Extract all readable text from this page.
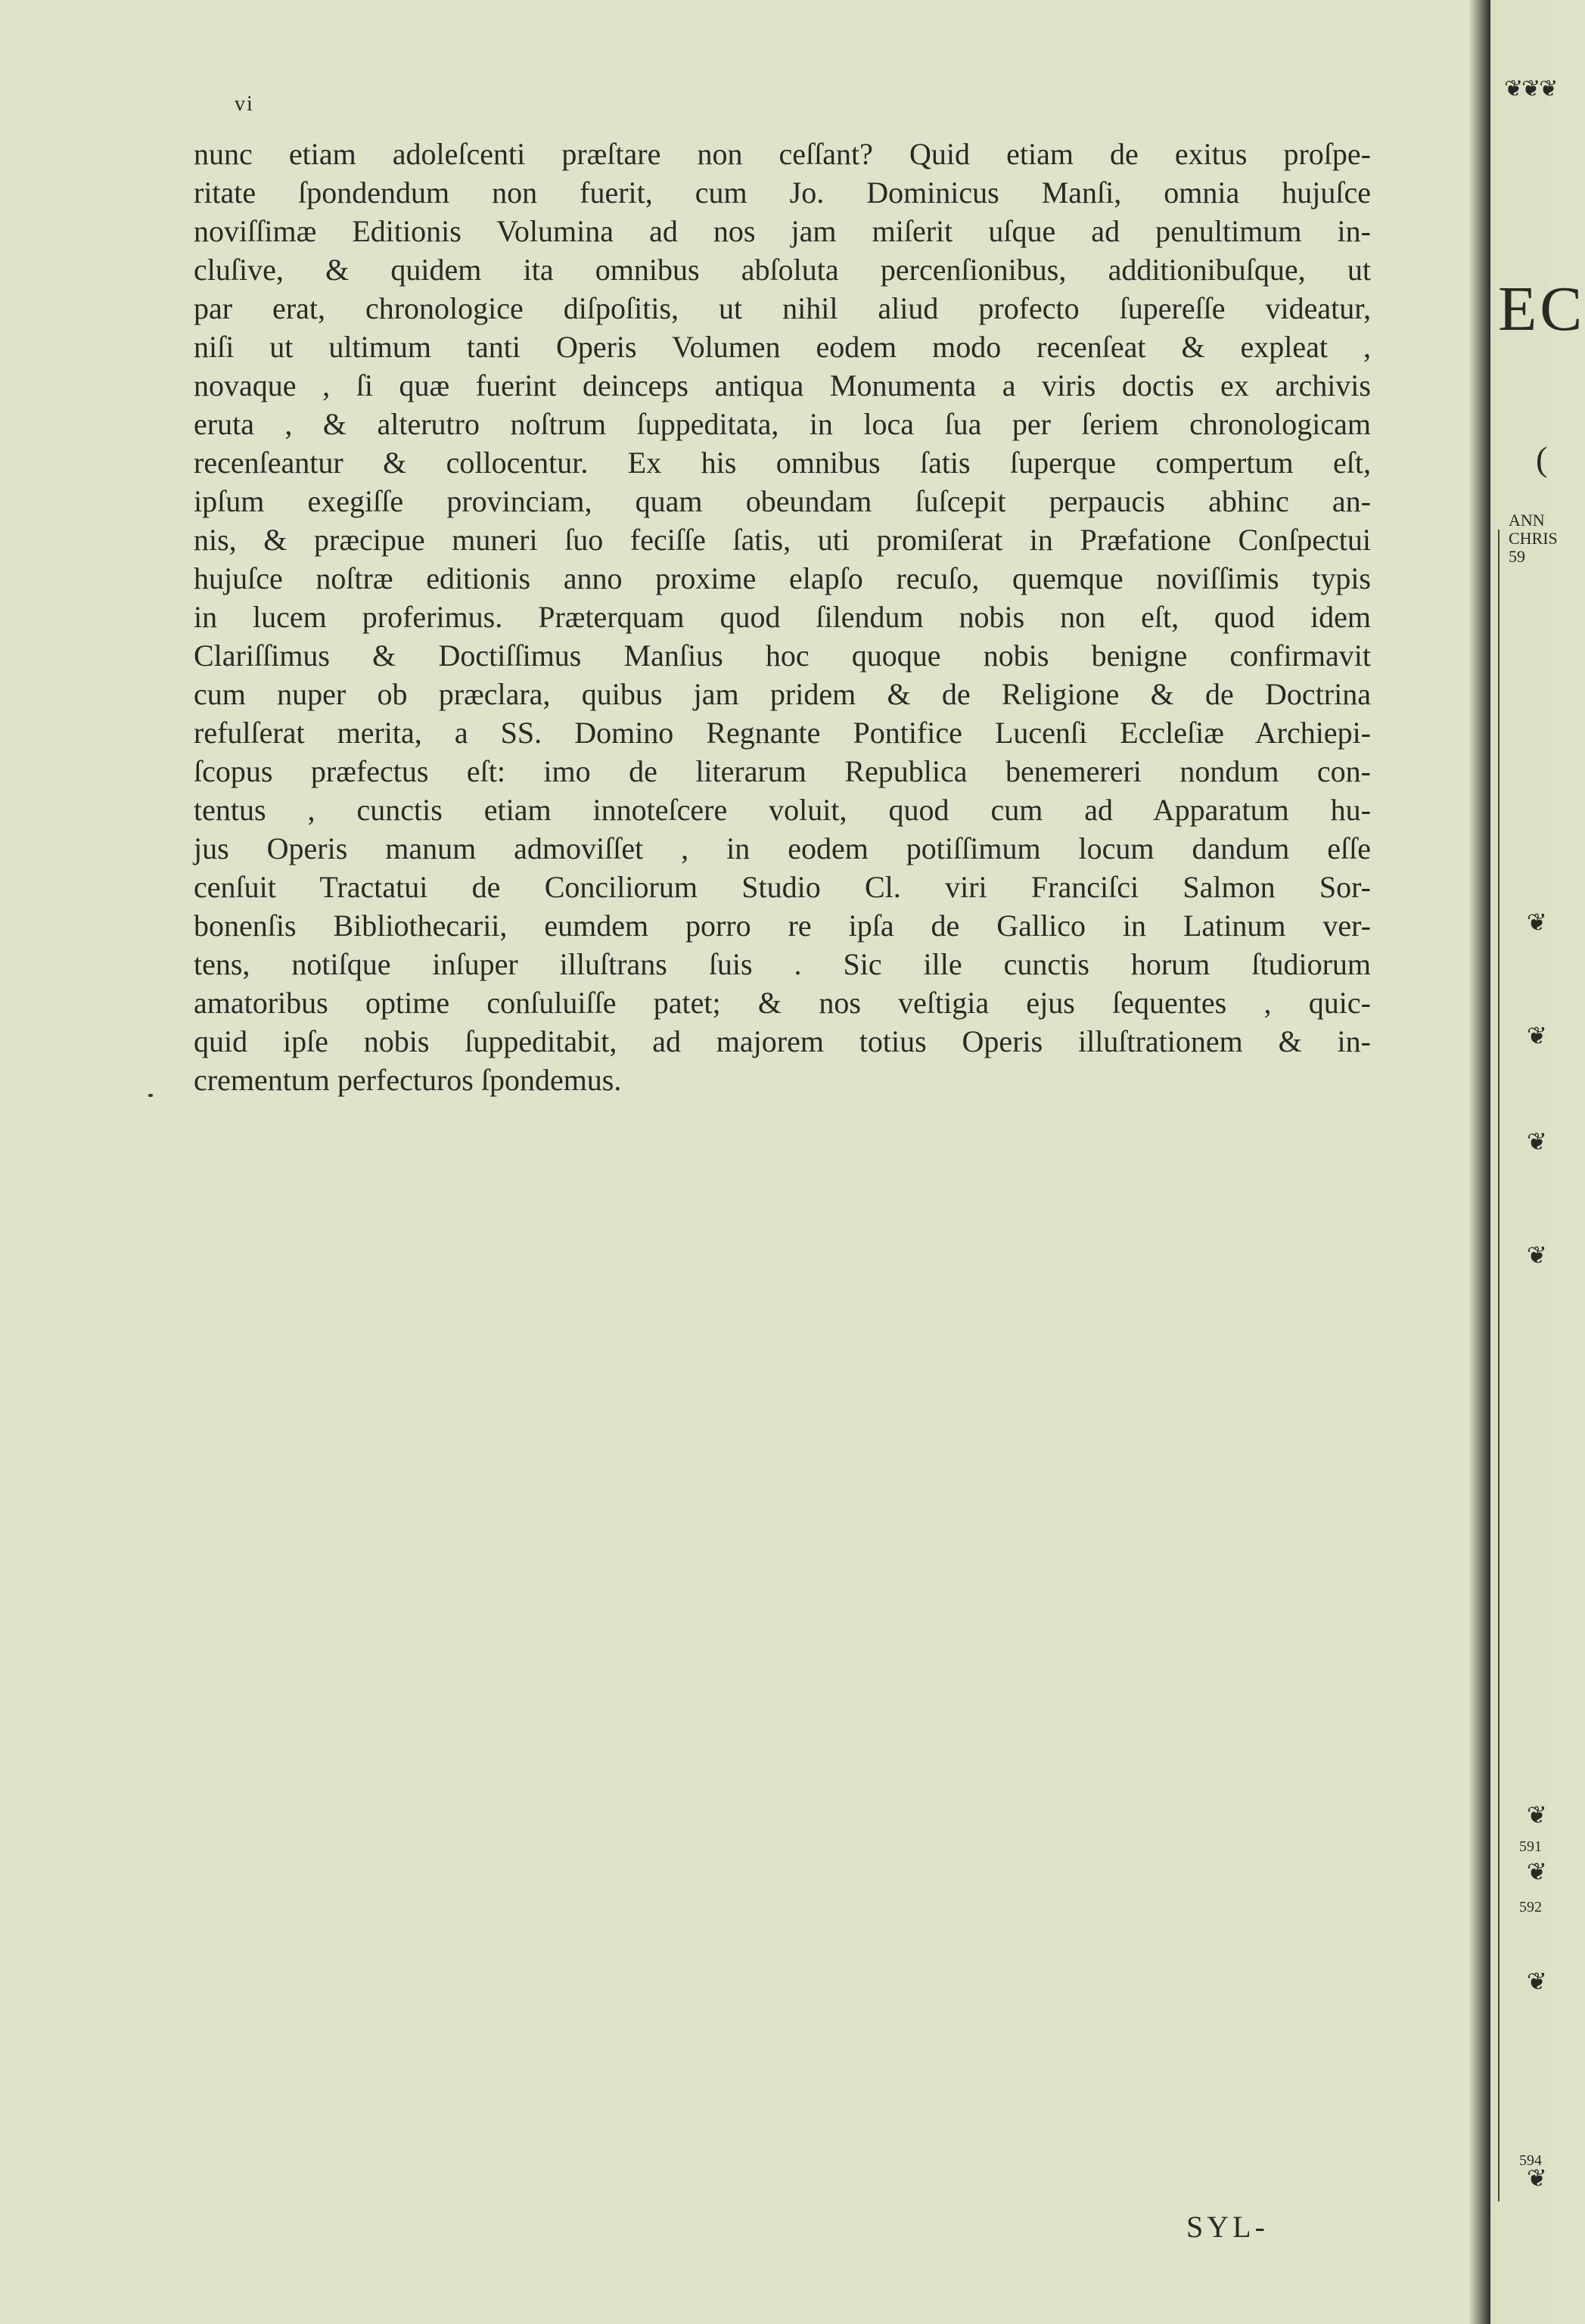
vi
nunc etiam adoleſcenti præſtare non ceſſant? Quid etiam de exitus proſpe-
ritate ſpondendum non fuerit, cum Jo. Dominicus Manſi, omnia hujuſce
noviſſimæ Editionis Volumina ad nos jam miſerit uſque ad penultimum in-
cluſive, & quidem ita omnibus abſoluta percenſionibus, additionibuſque, ut
par erat, chronologice diſpoſitis, ut nihil aliud profecto ſupereſſe videatur,
niſi ut ultimum tanti Operis Volumen eodem modo recenſeat & expleat ,
novaque , ſi quæ fuerint deinceps antiqua Monumenta a viris doctis ex archivis
eruta , & alterutro noſtrum ſuppeditata, in loca ſua per ſeriem chronologicam
recenſeantur & collocentur. Ex his omnibus ſatis ſuperque compertum eſt,
ipſum exegiſſe provinciam, quam obeundam ſuſcepit perpaucis abhinc an-
nis, & præcipue muneri ſuo feciſſe ſatis, uti promiſerat in Præfatione Conſpectui
hujuſce noſtræ editionis anno proxime elapſo recuſo, quemque noviſſimis typis
in lucem proferimus. Præterquam quod ſilendum nobis non eſt, quod idem
Clariſſimus & Doctiſſimus Manſius hoc quoque nobis benigne confirmavit
cum nuper ob præclara, quibus jam pridem & de Religione & de Doctrina
refulſerat merita, a SS. Domino Regnante Pontifice Lucenſi Eccleſiæ Archiepi-
ſcopus præfectus eſt: imo de literarum Republica benemereri nondum con-
tentus , cunctis etiam innoteſcere voluit, quod cum ad Apparatum hu-
jus Operis manum admoviſſet , in eodem potiſſimum locum dandum eſſe
cenſuit Tractatui de Conciliorum Studio Cl. viri Franciſci Salmon Sor-
bonenſis Bibliothecarii, eumdem porro re ipſa de Gallico in Latinum ver-
tens, notiſque inſuper illuſtrans ſuis . Sic ille cunctis horum ſtudiorum
amatoribus optime conſuluiſſe patet; & nos veſtigia ejus ſequentes , quic-
quid ipſe nobis ſuppeditabit, ad majorem totius Operis illuſtrationem & in-
crementum perfecturos ſpondemus.
SYL-
❦❦❦
EC
(
ANN
CHRIS
59
❦
❦
❦
❦
❦
591
❦
592
❦
594
❦
